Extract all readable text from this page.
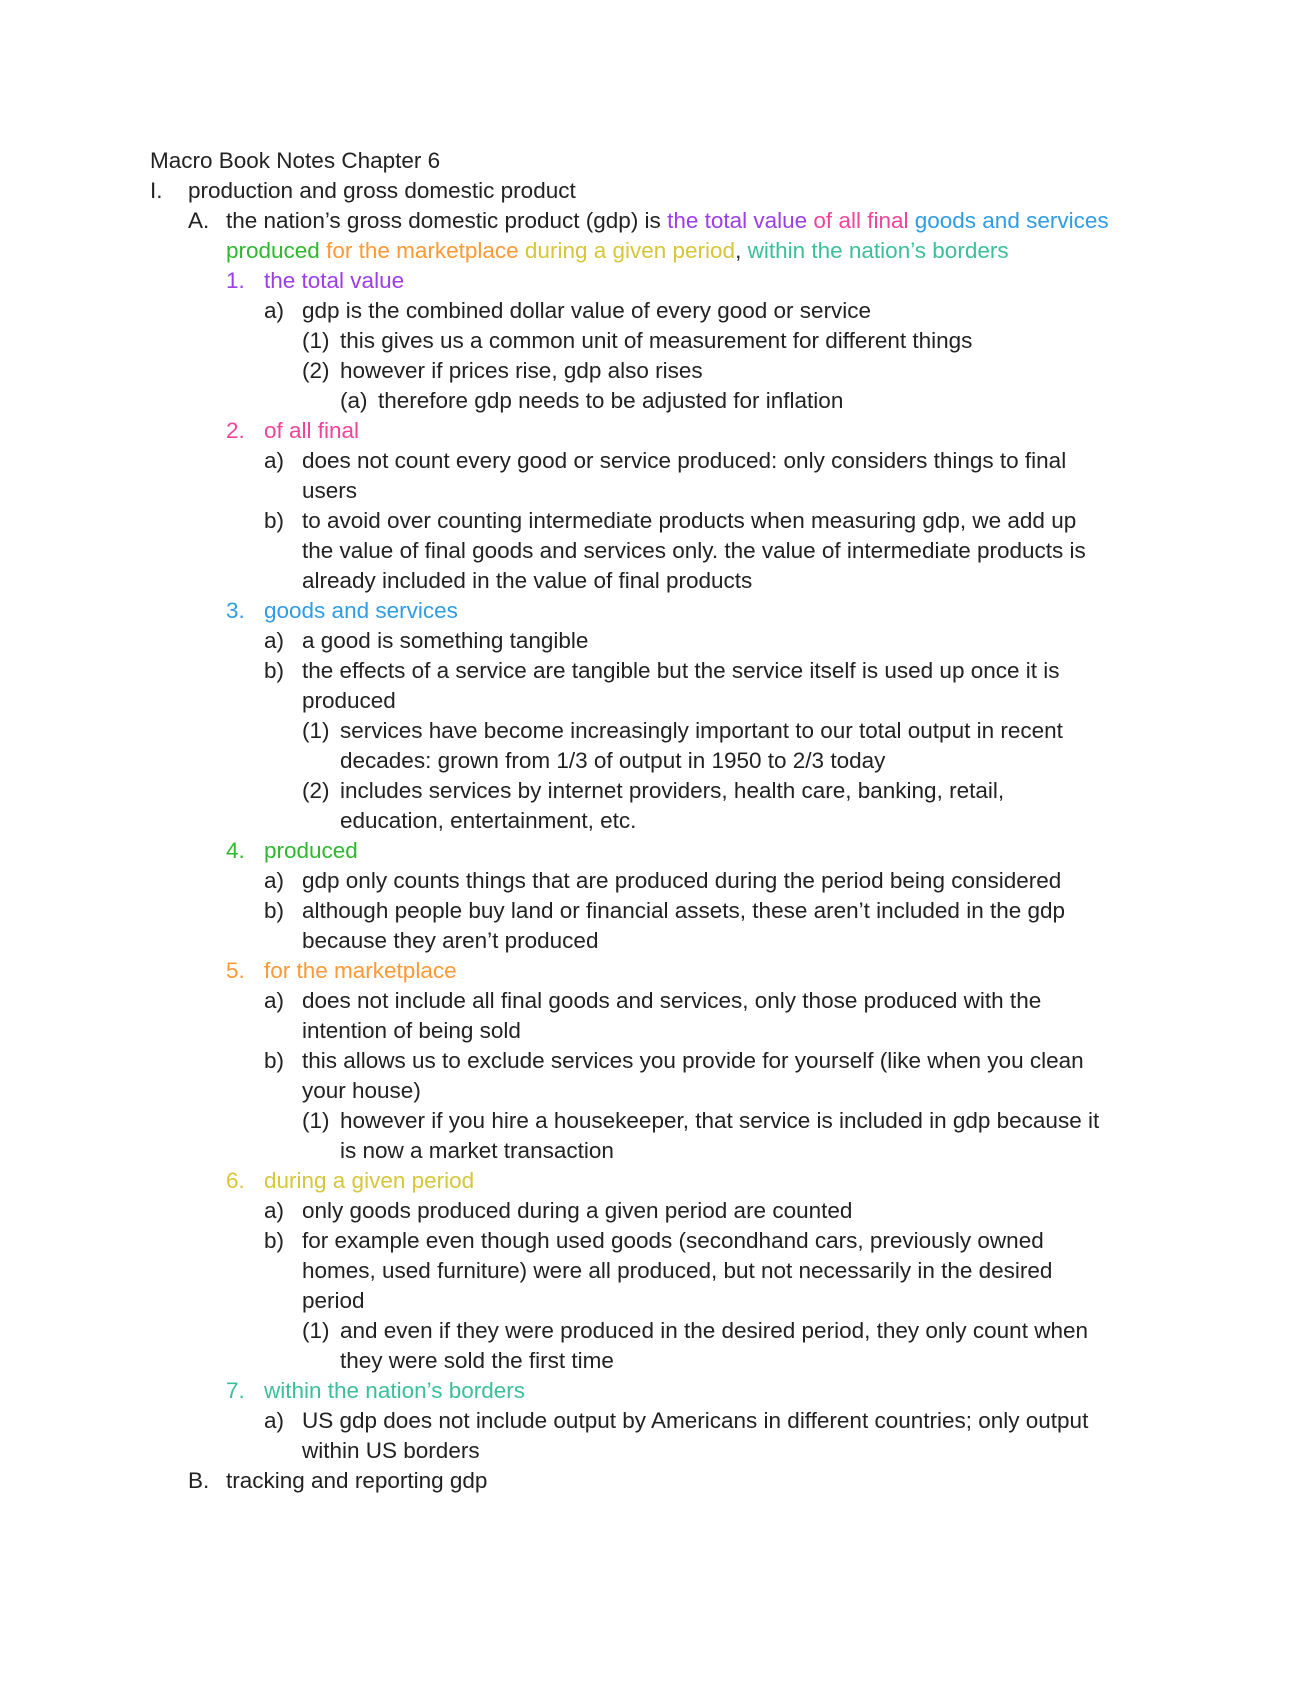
Macro Book Notes Chapter 6
I. production and gross domestic product
A. the nation’s gross domestic product (gdp) is the total value of all final goods and services
produced for the marketplace during a given period, within the nation’s borders
1. the total value
a) gdp is the combined dollar value of every good or service
(1) this gives us a common unit of measurement for different things
(2) however if prices rise, gdp also rises
(a) therefore gdp needs to be adjusted for inflation
2. of all final
a) does not count every good or service produced: only considers things to final
users
b) to avoid over counting intermediate products when measuring gdp, we add up
the value of final goods and services only. the value of intermediate products is
already included in the value of final products
3. goods and services
a) a good is something tangible
b) the effects of a service are tangible but the service itself is used up once it is
produced
(1) services have become increasingly important to our total output in recent
decades: grown from 1/3 of output in 1950 to 2/3 today
(2) includes services by internet providers, health care, banking, retail,
education, entertainment, etc.
4. produced
a) gdp only counts things that are produced during the period being considered
b) although people buy land or financial assets, these aren’t included in the gdp
because they aren’t produced
5. for the marketplace
a) does not include all final goods and services, only those produced with the
intention of being sold
b) this allows us to exclude services you provide for yourself (like when you clean
your house)
(1) however if you hire a housekeeper, that service is included in gdp because it
is now a market transaction
6. during a given period
a) only goods produced during a given period are counted
b) for example even though used goods (secondhand cars, previously owned
homes, used furniture) were all produced, but not necessarily in the desired
period
(1) and even if they were produced in the desired period, they only count when
they were sold the first time
7. within the nation’s borders
a) US gdp does not include output by Americans in different countries; only output
within US borders
B. tracking and reporting gdp
